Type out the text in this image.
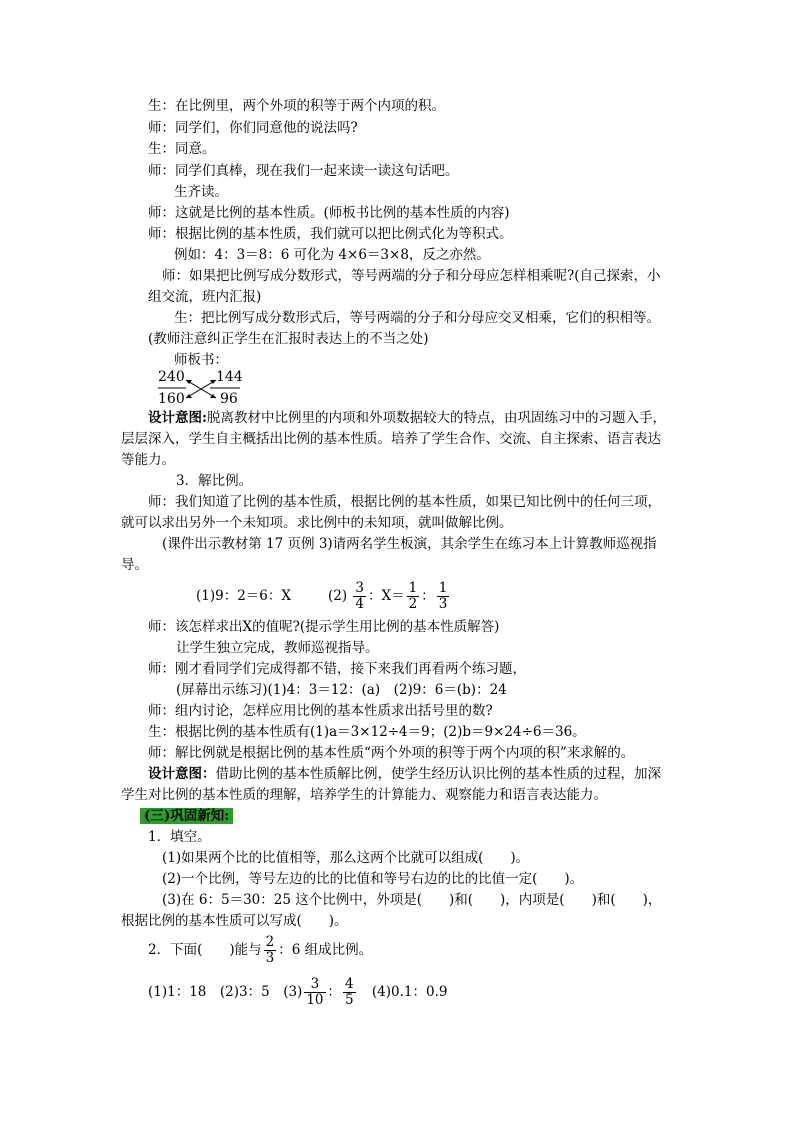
生：在比例里，两个外项的积等于两个内项的积。
师：同学们，你们同意他的说法吗?
生：同意。
师：同学们真棒，现在我们一起来读一读这句话吧。
生齐读。
师：这就是比例的基本性质。(师板书比例的基本性质的内容)
师：根据比例的基本性质，我们就可以把比例式化为等积式。
例如：4：3＝8：6 可化为 4×6＝3×8，反之亦然。
师：如果把比例写成分数形式，等号两端的分子和分母应怎样相乘呢?(自己探索，小
组交流，班内汇报)
生：把比例写成分数形式后，等号两端的分子和分母应交叉相乘，它们的积相等。
(教师注意纠正学生在汇报时表达上的不当之处)
师板书：
240 144
160	96
设计意图:脱离教材中比例里的内项和外项数据较大的特点，由巩固练习中的习题入手，
层层深入，学生自主概括出比例的基本性质。培养了学生合作、交流、自主探索、语言表达
等能力。
3．解比例。
师：我们知道了比例的基本性质，根据比例的基本性质，如果已知比例中的任何三项，
就可以求出另外一个未知项。求比例中的未知项，就叫做解比例。
(课件出示教材第 17 页例 3)请两名学生板演，其余学生在练习本上计算教师巡视指
导。
(1)9：2＝6：X	$(2) \frac{3}{4}$ ：$X= \frac{1}{2}$ ： $\frac{1}{3}$
师：该怎样求出X的值呢?(提示学生用比例的基本性质解答)
让学生独立完成，教师巡视指导。
师：刚才看同学们完成得都不错，接下来我们再看两个练习题，
(屏幕出示练习)(1)4：3＝12：(a)　(2)9：6＝(b)：24
师：组内讨论，怎样应用比例的基本性质求出括号里的数?
生：根据比例的基本性质有(1)a＝3×12÷4＝9；(2)b＝9×24÷6＝36。
师：解比例就是根据比例的基本性质“两个外项的积等于两个内项的积”来求解的。
设计意图：借助比例的基本性质解比例，使学生经历认识比例的基本性质的过程，加深
学生对比例的基本性质的理解，培养学生的计算能力、观察能力和语言表达能力。
(三)巩固新知:
1．填空。
(1)如果两个比的比值相等，那么这两个比就可以组成(　　)。
(2)一个比例，等号左边的比的比值和等号右边的比的比值一定(　　)。
(3)在 6：5＝30：25 这个比例中，外项是(　　)和(　　)，内项是(　　)和(　　)，
根据比例的基本性质可以写成(　　)。
2．下面(　　)能与 $\frac{2}{3}$ ：6 组成比例。
(1)1：18　(2)3：5　$(3) \frac{3}{10}$ ： $\frac{4}{5} (4)0.1$：0.9
